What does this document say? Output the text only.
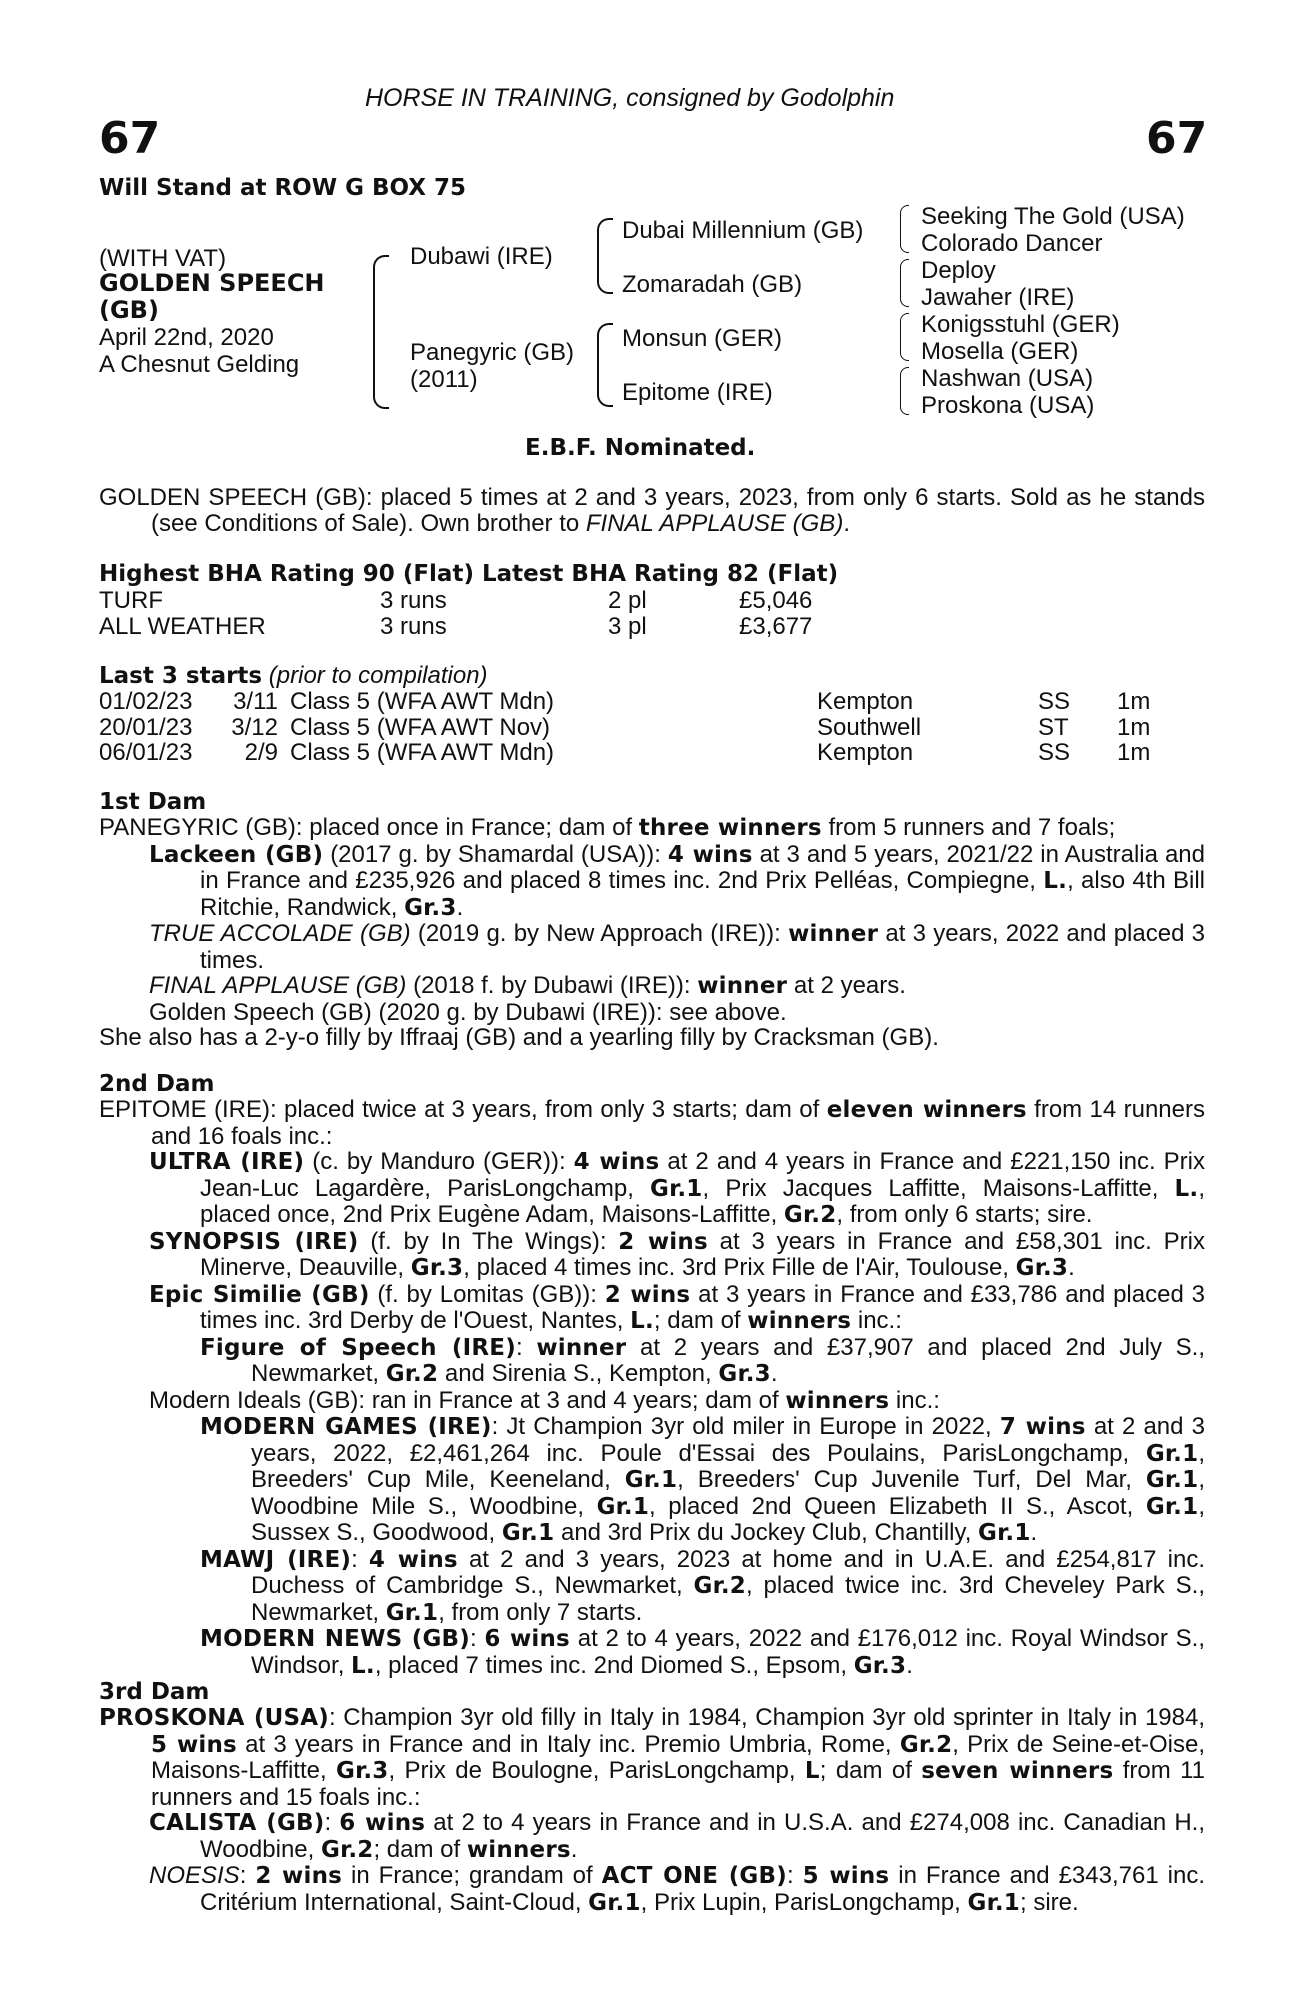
HORSE IN TRAINING, consigned by Godolphin
67	67
Will Stand at ROW G BOX 75
(WITH VAT)
GOLDEN SPEECH
(GB)
April 22nd, 2020
A Chesnut Gelding
Dubawi (IRE)
Panegyric (GB)
(2011)
Dubai Millennium (GB)
Zomaradah (GB)
Monsun (GER)
Epitome (IRE)
Seeking The Gold (USA)
Colorado Dancer
Deploy
Jawaher (IRE)
Konigsstuhl (GER)
Mosella (GER)
Nashwan (USA)
Proskona (USA)
E.B.F. Nominated.

GOLDEN SPEECH (GB): placed 5 times at 2 and 3 years, 2023, from only 6 starts. Sold as he stands (see Conditions of Sale). Own brother to FINAL APPLAUSE (GB).

Highest BHA Rating 90 (Flat) Latest BHA Rating 82 (Flat)
TURF	3 runs	2 pl	£5,046
ALL WEATHER	3 runs	3 pl	£3,677
Last 3 starts (prior to compilation)
01/02/23	3/11	Class 5 (WFA AWT Mdn)	Kempton	SS	1m
20/01/23	3/12	Class 5 (WFA AWT Nov)	Southwell	ST	1m
06/01/23	2/9	Class 5 (WFA AWT Mdn)	Kempton	SS	1m
1st Dam

PANEGYRIC (GB): placed once in France; dam of three winners from 5 runners and 7 foals;

Lackeen (GB) (2017 g. by Shamardal (USA)): 4 wins at 3 and 5 years, 2021/22 in Australia and in France and £235,926 and placed 8 times inc. 2nd Prix Pelléas, Compiegne, L., also 4th Bill Ritchie, Randwick, Gr.3.

TRUE ACCOLADE (GB) (2019 g. by New Approach (IRE)): winner at 3 years, 2022 and placed 3 times.

FINAL APPLAUSE (GB) (2018 f. by Dubawi (IRE)): winner at 2 years.

Golden Speech (GB) (2020 g. by Dubawi (IRE)): see above.

She also has a 2-y-o filly by Iffraaj (GB) and a yearling filly by Cracksman (GB).

2nd Dam

EPITOME (IRE): placed twice at 3 years, from only 3 starts; dam of eleven winners from 14 runners and 16 foals inc.:

ULTRA (IRE) (c. by Manduro (GER)): 4 wins at 2 and 4 years in France and £221,150 inc. Prix Jean-Luc Lagardère, ParisLongchamp, Gr.1, Prix Jacques Laffitte, Maisons-Laffitte, L., placed once, 2nd Prix Eugène Adam, Maisons-Laffitte, Gr.2, from only 6 starts; sire.

SYNOPSIS (IRE) (f. by In The Wings): 2 wins at 3 years in France and £58,301 inc. Prix Minerve, Deauville, Gr.3, placed 4 times inc. 3rd Prix Fille de l'Air, Toulouse, Gr.3.

Epic Similie (GB) (f. by Lomitas (GB)): 2 wins at 3 years in France and £33,786 and placed 3 times inc. 3rd Derby de l'Ouest, Nantes, L.; dam of winners inc.:

Figure of Speech (IRE): winner at 2 years and £37,907 and placed 2nd July S., Newmarket, Gr.2 and Sirenia S., Kempton, Gr.3.

Modern Ideals (GB): ran in France at 3 and 4 years; dam of winners inc.:

MODERN GAMES (IRE): Jt Champion 3yr old miler in Europe in 2022, 7 wins at 2 and 3 years, 2022, £2,461,264 inc. Poule d'Essai des Poulains, ParisLongchamp, Gr.1, Breeders' Cup Mile, Keeneland, Gr.1, Breeders' Cup Juvenile Turf, Del Mar, Gr.1, Woodbine Mile S., Woodbine, Gr.1, placed 2nd Queen Elizabeth II S., Ascot, Gr.1, Sussex S., Goodwood, Gr.1 and 3rd Prix du Jockey Club, Chantilly, Gr.1.

MAWJ (IRE): 4 wins at 2 and 3 years, 2023 at home and in U.A.E. and £254,817 inc. Duchess of Cambridge S., Newmarket, Gr.2, placed twice inc. 3rd Cheveley Park S., Newmarket, Gr.1, from only 7 starts.

MODERN NEWS (GB): 6 wins at 2 to 4 years, 2022 and £176,012 inc. Royal Windsor S., Windsor, L., placed 7 times inc. 2nd Diomed S., Epsom, Gr.3.

3rd Dam

PROSKONA (USA): Champion 3yr old filly in Italy in 1984, Champion 3yr old sprinter in Italy in 1984, 5 wins at 3 years in France and in Italy inc. Premio Umbria, Rome, Gr.2, Prix de Seine-et-Oise, Maisons-Laffitte, Gr.3, Prix de Boulogne, ParisLongchamp, L; dam of seven winners from 11 runners and 15 foals inc.:

CALISTA (GB): 6 wins at 2 to 4 years in France and in U.S.A. and £274,008 inc. Canadian H., Woodbine, Gr.2; dam of winners.

NOESIS: 2 wins in France; grandam of ACT ONE (GB): 5 wins in France and £343,761 inc. Critérium International, Saint-Cloud, Gr.1, Prix Lupin, ParisLongchamp, Gr.1; sire.
